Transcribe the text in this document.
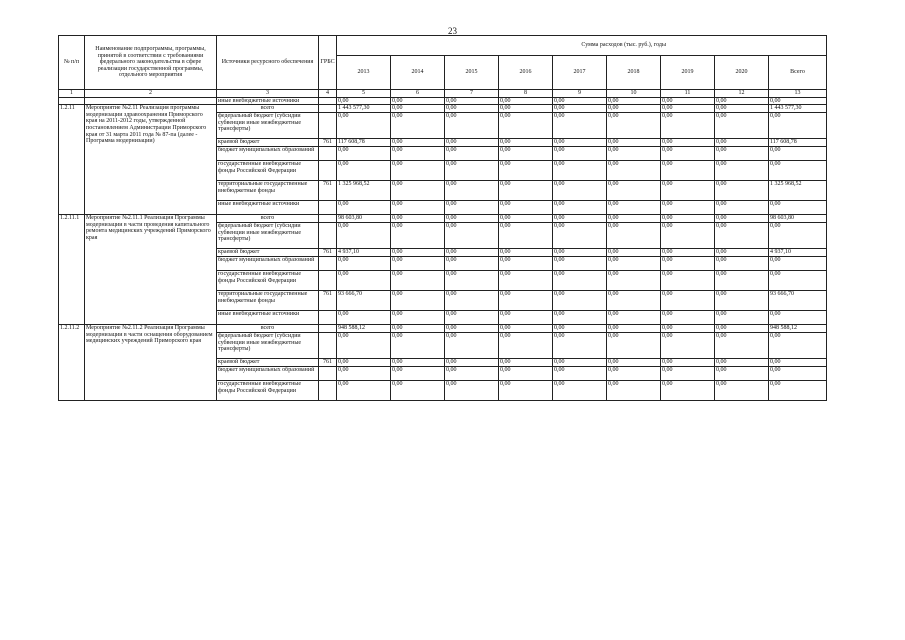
23
№ п/п	Наименование подпрограммы, программы, принятой в соответствии с требованиями федерального законодательства в сфере реализации государственной программы, отдельного мероприятия	Источники ресурсного обеспечения	ГРБС	Сумма расходов (тыс. руб.), годы								
				2013	2014	2015	2016	2017	2018	2019	2020	Всего
1	2	3	4	5	6	7	8	9	10	11	12	13
		иные внебюджетные источники		0,00	0,00	0,00	0,00	0,00	0,00	0,00	0,00	0,00
1.2.11	Мероприятие №2.11 Реализация программы модернизации здравоохранения Приморского края на 2011-2012 годы, утвержденной постановлением Администрации Приморского края от 31 марта 2011 года № 87-па (далее - Программа модернизации)	всего		1 443 577,30	0,00	0,00	0,00	0,00	0,00	0,00	0,00	1 443 577,30
		федеральный бюджет (субсидии субвенции иные межбюджетные трансферты)		0,00	0,00	0,00	0,00	0,00	0,00	0,00	0,00	0,00
		краевой бюджет	761	117 608,78	0,00	0,00	0,00	0,00	0,00	0,00	0,00	117 608,78
		бюджет муниципальных образований		0,00	0,00	0,00	0,00	0,00	0,00	0,00	0,00	0,00
		государственные внебюджетные фонды Российской Федерации		0,00	0,00	0,00	0,00	0,00	0,00	0,00	0,00	0,00
		территориальные государственные внебюджетные фонды	761	1 325 968,52	0,00	0,00	0,00	0,00	0,00	0,00	0,00	1 325 968,52
		иные внебюджетные источники		0,00	0,00	0,00	0,00	0,00	0,00	0,00	0,00	0,00
1.2.11.1	Мероприятие №2.11.1 Реализация Программы модернизации в части проведения капитального ремонта медицинских учреждений Приморского края	всего		98 603,80	0,00	0,00	0,00	0,00	0,00	0,00	0,00	98 603,80
		федеральный бюджет (субсидии субвенции иные межбюджетные трансферты)		0,00	0,00	0,00	0,00	0,00	0,00	0,00	0,00	0,00
		краевой бюджет	761	4 937,10	0,00	0,00	0,00	0,00	0,00	0,00	0,00	4 937,10
		бюджет муниципальных образований		0,00	0,00	0,00	0,00	0,00	0,00	0,00	0,00	0,00
		государственные внебюджетные фонды Российской Федерации		0,00	0,00	0,00	0,00	0,00	0,00	0,00	0,00	0,00
		территориальные государственные внебюджетные фонды	761	93 666,70	0,00	0,00	0,00	0,00	0,00	0,00	0,00	93 666,70
		иные внебюджетные источники		0,00	0,00	0,00	0,00	0,00	0,00	0,00	0,00	0,00
1.2.11.2	Мероприятие №2.11.2 Реализация Программы модернизации в части оснащения оборудованием медицинских учреждений Приморского края	всего		948 588,12	0,00	0,00	0,00	0,00	0,00	0,00	0,00	948 588,12
		федеральный бюджет (субсидии субвенции иные межбюджетные трансферты)		0,00	0,00	0,00	0,00	0,00	0,00	0,00	0,00	0,00
		краевой бюджет	761	0,00	0,00	0,00	0,00	0,00	0,00	0,00	0,00	0,00
		бюджет муниципальных образований		0,00	0,00	0,00	0,00	0,00	0,00	0,00	0,00	0,00
		государственные внебюджетные фонды Российской Федерации		0,00	0,00	0,00	0,00	0,00	0,00	0,00	0,00	0,00
